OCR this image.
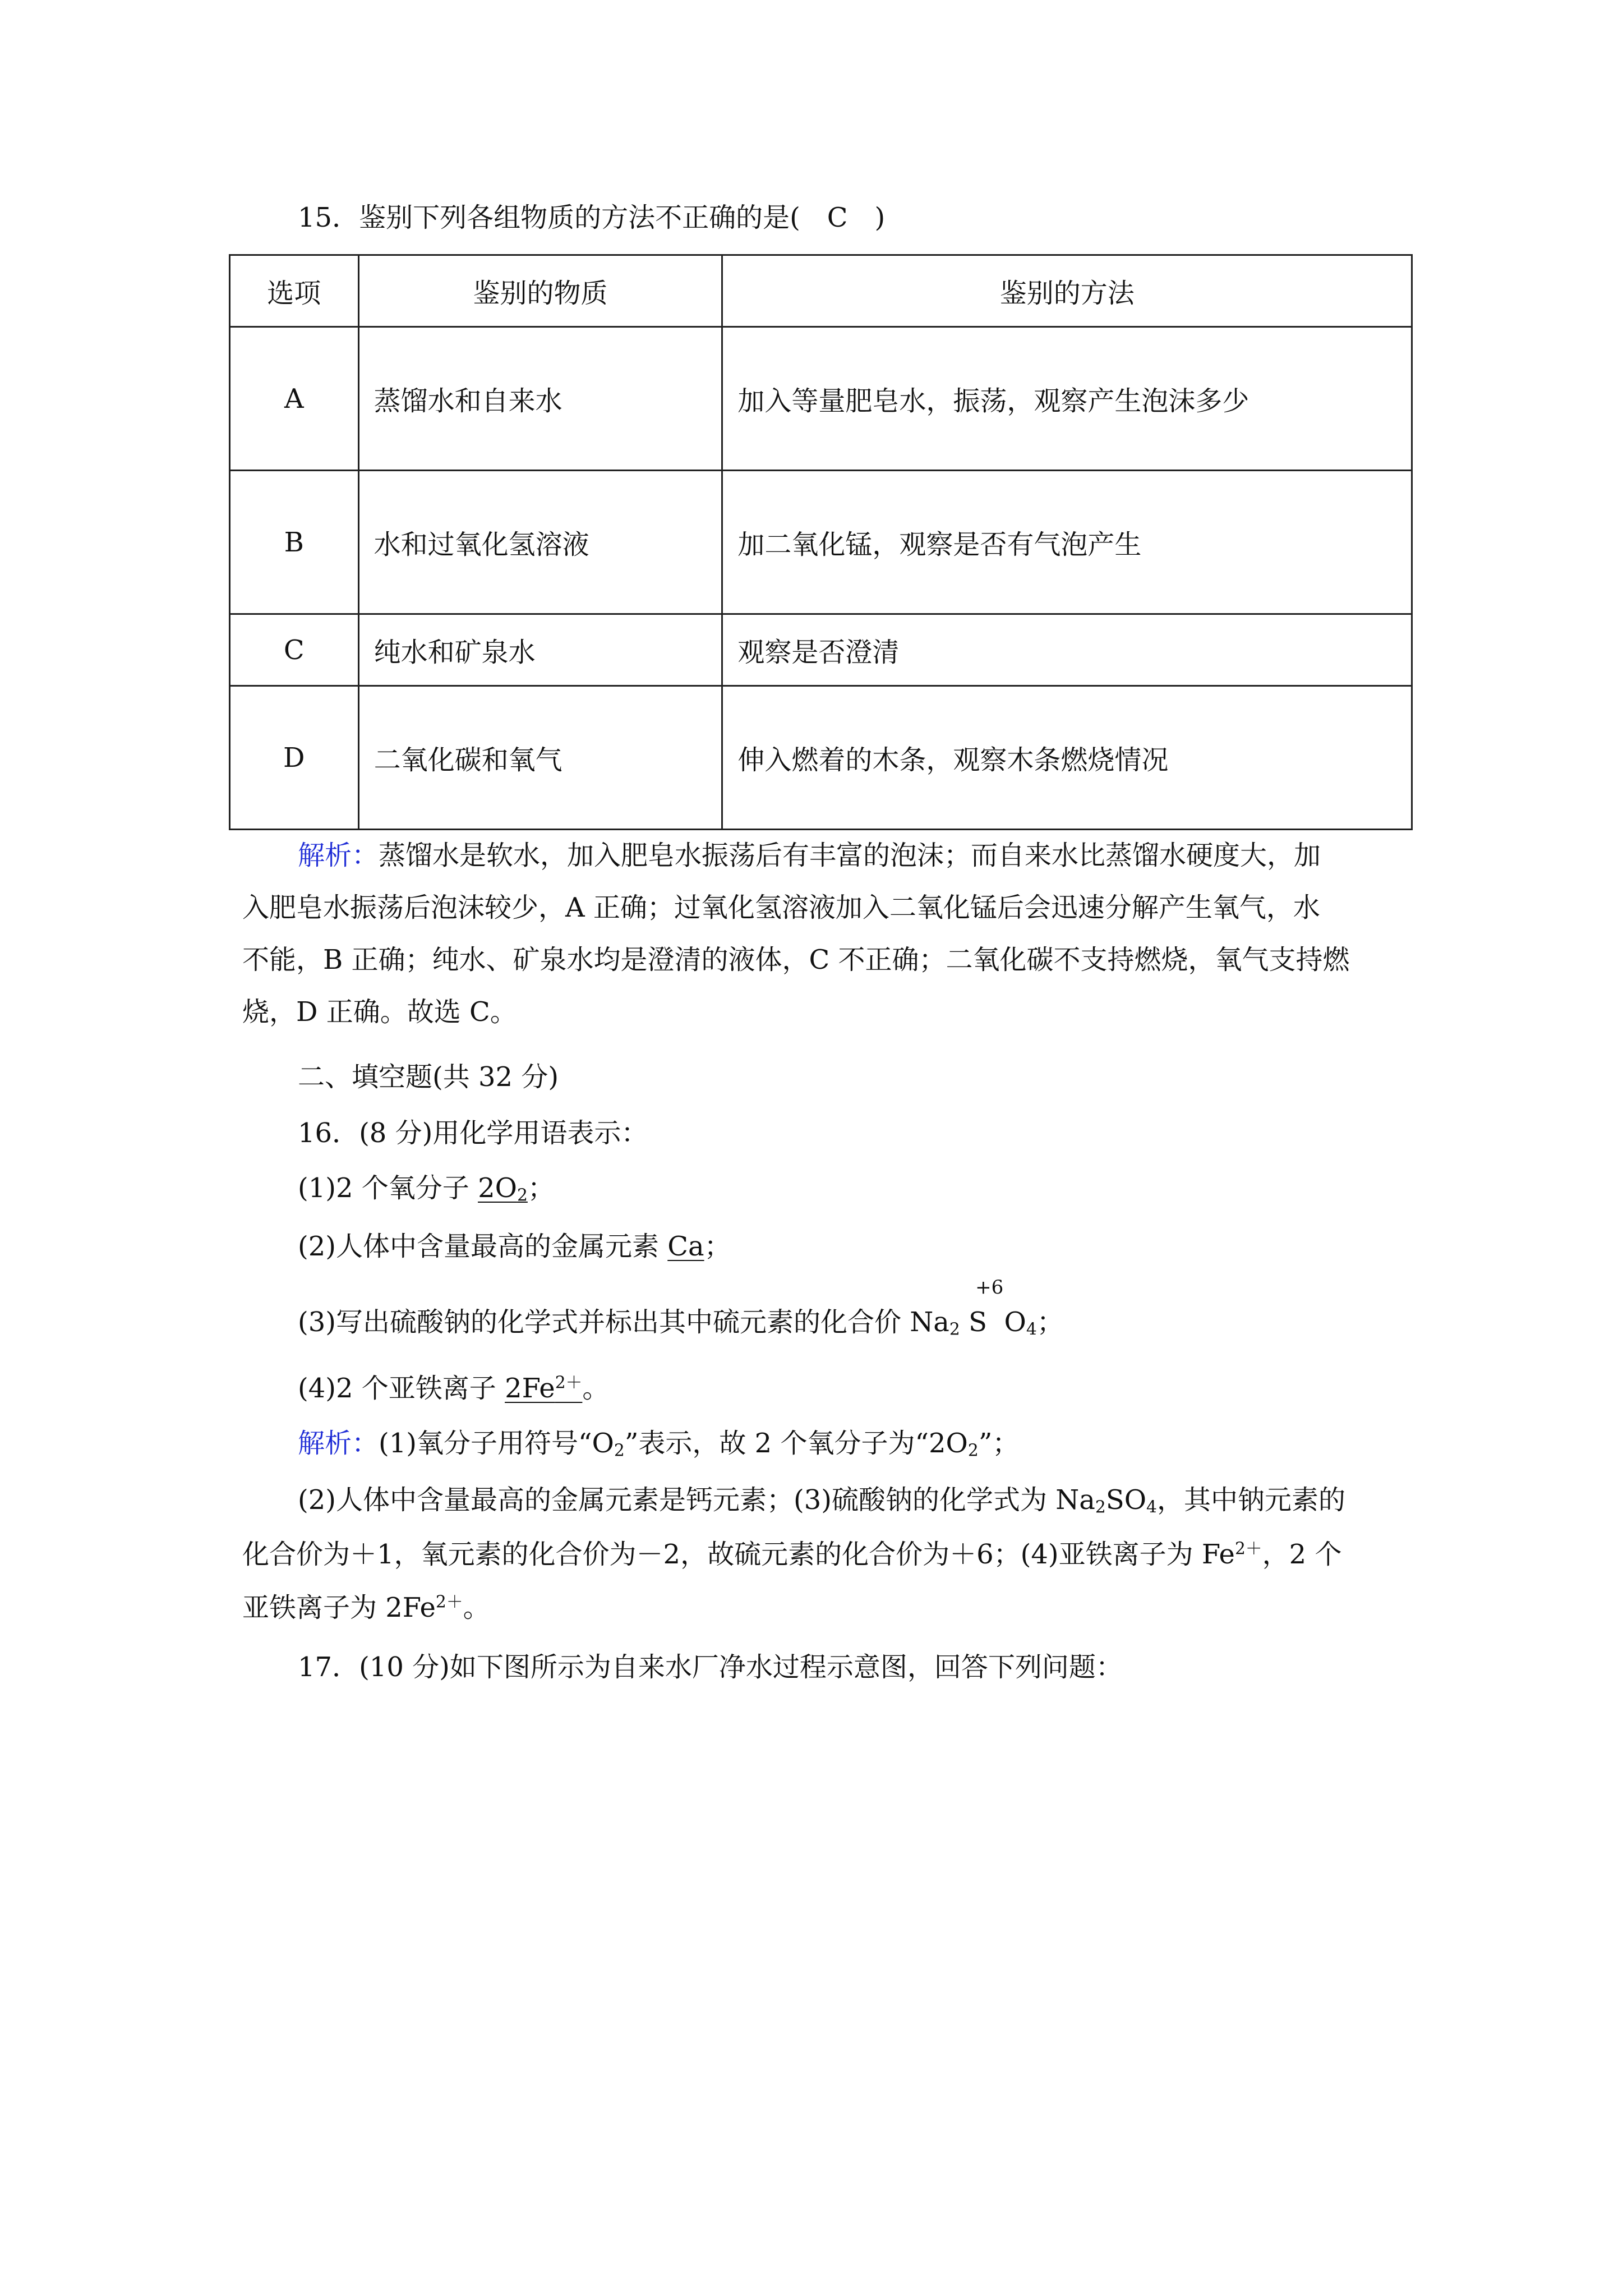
15．鉴别下列各组物质的方法不正确的是(　C　)
选项	鉴别的物质	鉴别的方法
A	蒸馏水和自来水	加入等量肥皂水，振荡，观察产生泡沫多少
B	水和过氧化氢溶液	加二氧化锰，观察是否有气泡产生
C	纯水和矿泉水	观察是否澄清
D	二氧化碳和氧气	伸入燃着的木条，观察木条燃烧情况
解析：蒸馏水是软水，加入肥皂水振荡后有丰富的泡沫；而自来水比蒸馏水硬度大，加
入肥皂水振荡后泡沫较少，A 正确；过氧化氢溶液加入二氧化锰后会迅速分解产生氧气，水
不能，B 正确；纯水、矿泉水均是澄清的液体，C 不正确；二氧化碳不支持燃烧，氧气支持燃
烧，D 正确。故选 C。
二、填空题(共 32 分)
16．(8 分)用化学用语表示：
(1)2 个氧分子 $2O_2$；
(2)人体中含量最高的金属元素 Ca；
(3)写出硫酸钠的化学式并标出其中硫元素的化合价 $Na_2$
+6
S $O_4$；
(4)2 个亚铁离子 $2Fe^{2+}$。
解析：(1)氧分子用符号“$O_2$”表示，故 2 个氧分子为“$2O_2$”；
(2)人体中含量最高的金属元素是钙元素；(3)硫酸钠的化学式为 $Na_2SO_4$，其中钠元素的
化合价为＋1，氧元素的化合价为－2，故硫元素的化合价为＋6；(4)亚铁离子为 $Fe^{2+}$，2 个
亚铁离子为 $2Fe^{2+}$。
17．(10 分)如下图所示为自来水厂净水过程示意图，回答下列问题：
